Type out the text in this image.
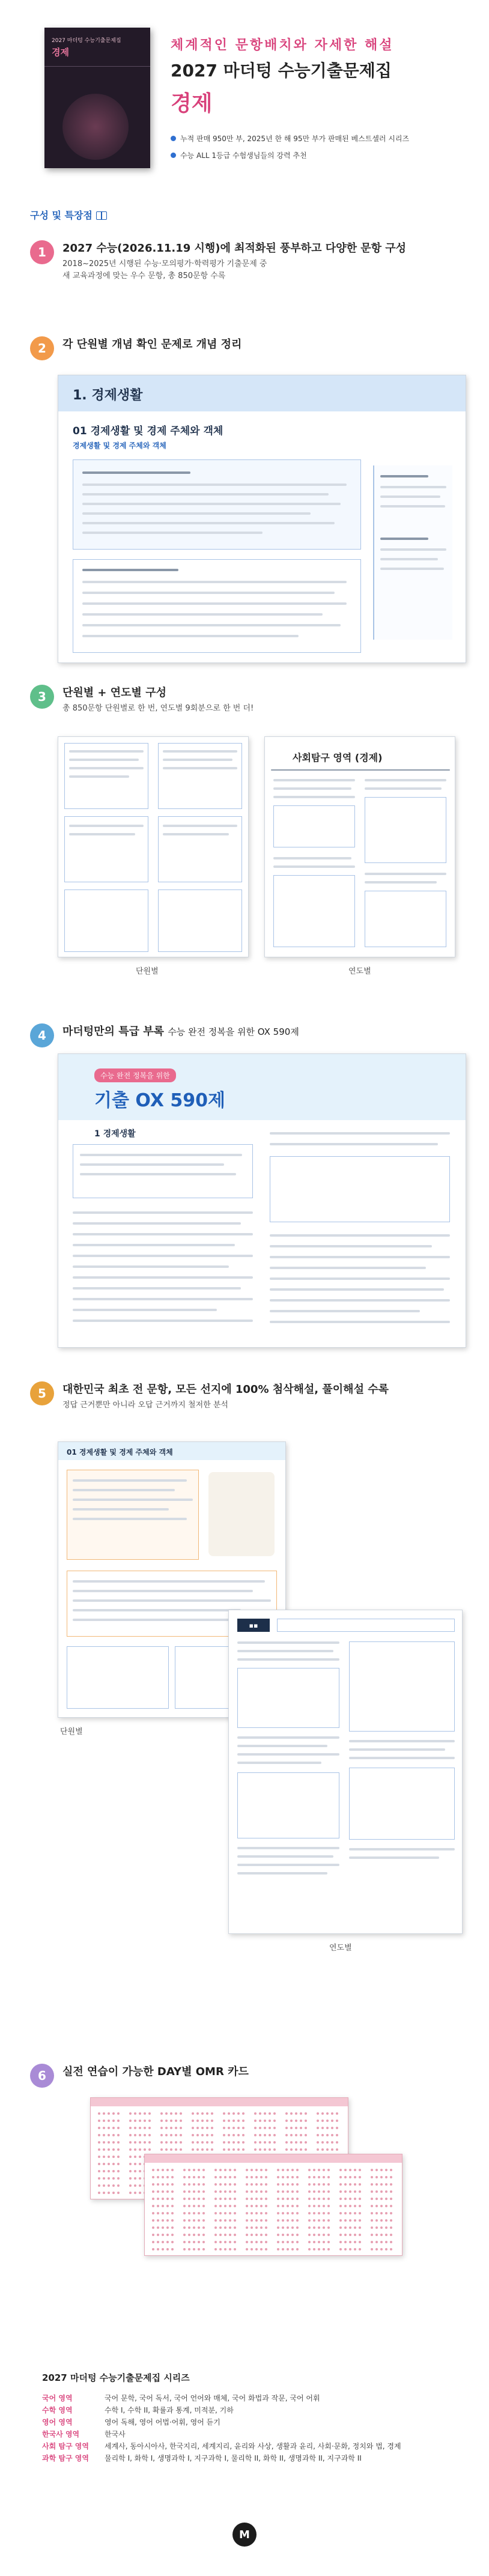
2027 마더텅 수능기출문제집
경제	체계적인 문항배치와 자세한 해설
2027 마더텅 수능기출문제집
경제
누적 판매 950만 부, 2025년 한 해 95만 부가 판매된 베스트셀러 시리즈
수능 ALL 1등급 수험생님들의 강력 추천
구성 및 특장점
1	2027 수능(2026.11.19 시행)에 최적화된 풍부하고 다양한 문항 구성
2018~2025년 시행된 수능·모의평가·학력평가 기출문제 중
새 교육과정에 맞는 우수 문항, 총 850문항 수록
2	각 단원별 개념 확인 문제로 개념 정리
1. 경제생활
01 경제생활 및 경제 주체와 객체
경제생활 및 경제 주체와 객체
3	단원별 + 연도별 구성
총 850문항 단원별로 한 번, 연도별 9회분으로 한 번 더!
단원별
사회탐구 영역 (경제)
연도별
4	마더텅만의 특급 부록 수능 완전 정복을 위한 OX 590제
수능 완전 정복을 위한
기출 OX 590제
1 경제생활
5	대한민국 최초 전 문항, 모든 선지에 100% 첨삭해설, 풀이해설 수록
정답 근거뿐만 아니라 오답 근거까지 철저한 분석
01 경제생활 및 경제 주체와 객체
단원별
▪▪
연도별
6	실전 연습이 가능한 DAY별 OMR 카드
2027 마더텅 수능기출문제집 시리즈
국어 영역	국어 문학, 국어 독서, 국어 언어와 매체, 국어 화법과 작문, 국어 어휘
수학 영역	수학 I, 수학 II, 확률과 통계, 미적분, 기하
영어 영역	영어 독해, 영어 어법·어휘, 영어 듣기
한국사 영역	한국사
사회 탐구 영역	세계사, 동아시아사, 한국지리, 세계지리, 윤리와 사상, 생활과 윤리, 사회·문화, 정치와 법, 경제
과학 탐구 영역	물리학 I, 화학 I, 생명과학 I, 지구과학 I, 물리학 II, 화학 II, 생명과학 II, 지구과학 II
M
